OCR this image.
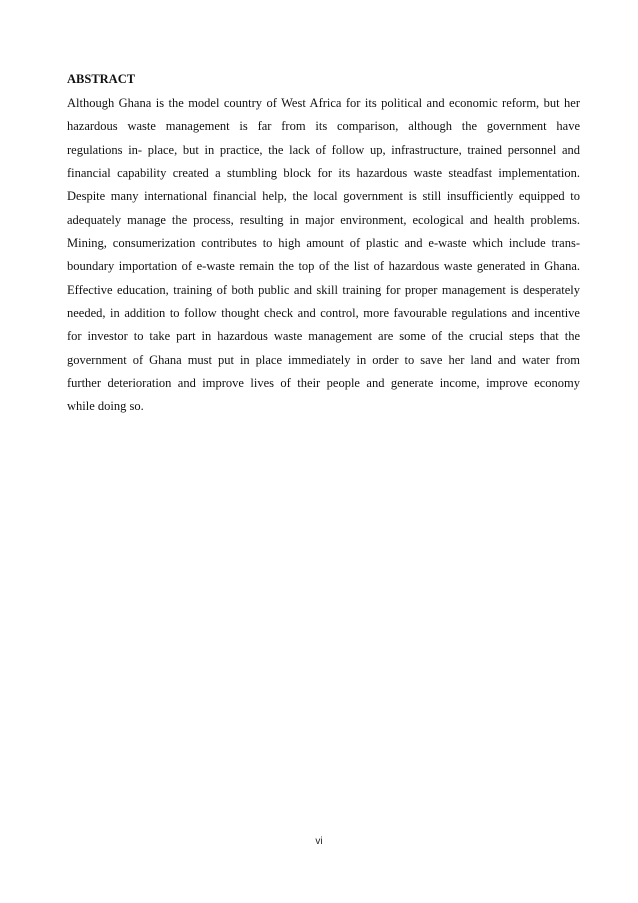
ABSTRACT
Although Ghana is the model country of West Africa for its political and economic reform, but her
hazardous waste management is far from its comparison, although the government have
regulations in- place, but in practice, the lack of follow up, infrastructure, trained personnel and
financial capability created a stumbling block for its hazardous waste steadfast implementation.
Despite many international financial help, the local government is still insufficiently equipped to
adequately manage the process, resulting in major environment, ecological and health problems.
Mining, consumerization contributes to high amount of plastic and e-waste which include trans-
boundary importation of e-waste remain the top of the list of hazardous waste generated in Ghana.
Effective education, training of both public and skill training for proper management is desperately
needed, in addition to follow thought check and control, more favourable regulations and incentive
for investor to take part in hazardous waste management are some of the crucial steps that the
government of Ghana must put in place immediately in order to save her land and water from
further deterioration and improve lives of their people and generate income, improve economy
while doing so.

vi
